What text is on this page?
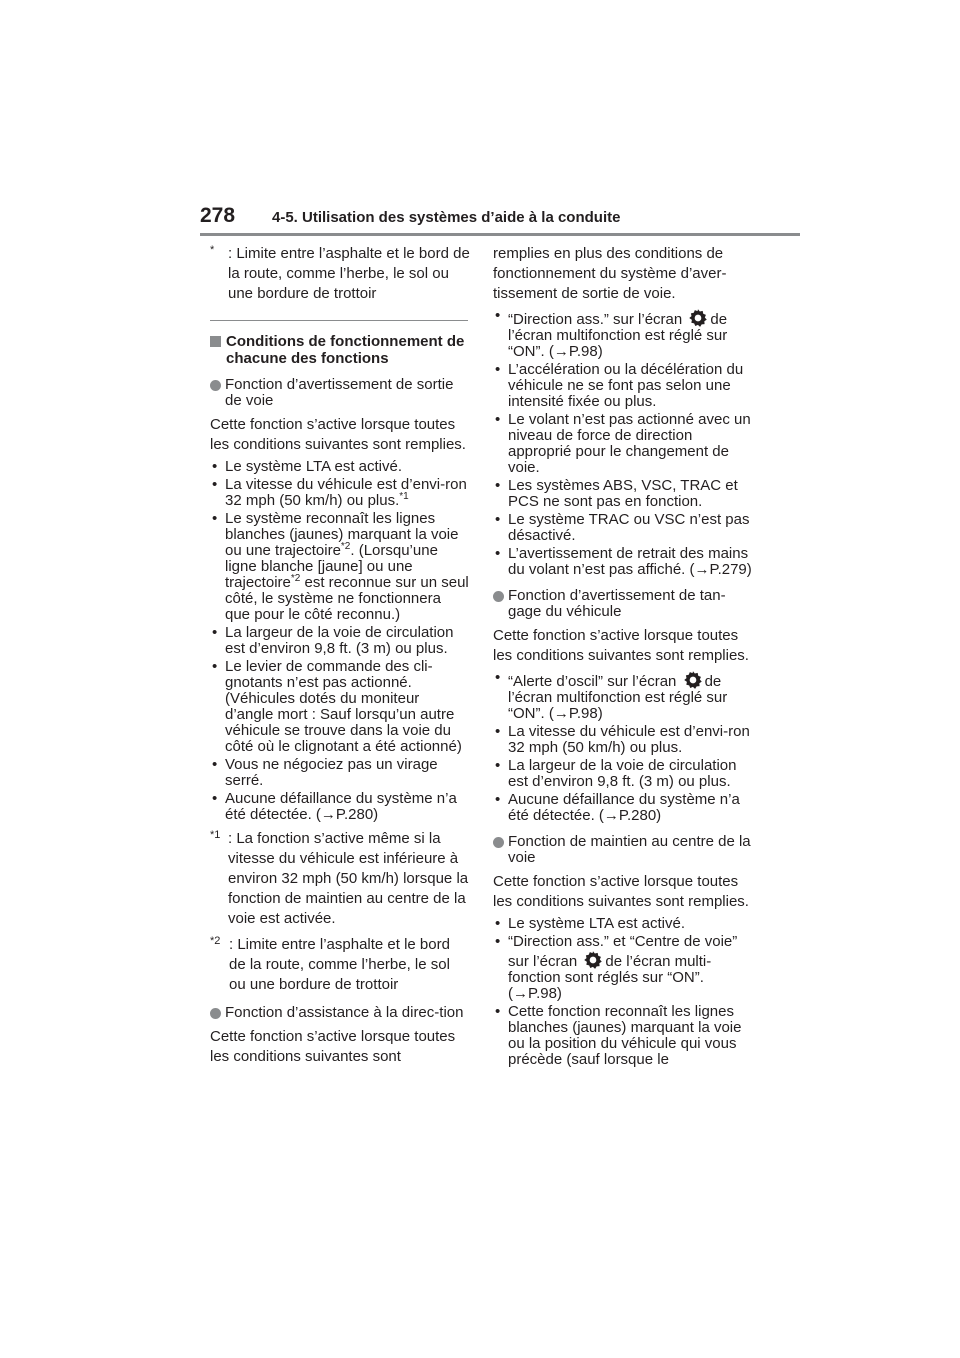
278 4-5. Utilisation des systèmes d’aide à la conduite
* : Limite entre l’asphalte et le bord de la route, comme l’herbe, le sol ou une bordure de trottoir
Conditions de fonctionnement de chacune des fonctions
Fonction d’avertissement de sortie de voie

Cette fonction s’active lorsque toutes les conditions suivantes sont remplies.

• Le système LTA est activé.
• La vitesse du véhicule est d’envi-ron 32 mph (50 km/h) ou plus.$^{*1}$
• Le système reconnaît les lignes blanches (jaunes) marquant la voie ou une trajectoire$^{*2}$. (Lorsqu’une ligne blanche [jaune] ou une trajectoire$^{*2}$ est reconnue sur un seul côté, le système ne fonctionnera que pour le côté reconnu.)
• La largeur de la voie de circulation est d’environ 9,8 ft. (3 m) ou plus.
• Le levier de commande des cli-gnotants n’est pas actionné. (Véhicules dotés du moniteur d’angle mort : Sauf lorsqu’un autre véhicule se trouve dans la voie du côté où le clignotant a été actionné)
• Vous ne négociez pas un virage serré.
• Aucune défaillance du système n’a été détectée. (→P.280)
*1 : La fonction s’active même si la vitesse du véhicule est inférieure à environ 32 mph (50 km/h) lorsque la fonction de maintien au centre de la voie est activée.
*2 : Limite entre l’asphalte et le bord de la route, comme l’herbe, le sol ou une bordure de trottoir
Fonction d’assistance à la direc-tion

Cette fonction s’active lorsque toutes les conditions suivantes sont

remplies en plus des conditions de fonctionnement du système d’aver-tissement de sortie de voie.

• “Direction ass.” sur l’écran de l’écran multifonction est réglé sur “ON”. (→P.98)
• L’accélération ou la décélération du véhicule ne se font pas selon une intensité fixée ou plus.
• Le volant n’est pas actionné avec un niveau de force de direction approprié pour le changement de voie.
• Les systèmes ABS, VSC, TRAC et PCS ne sont pas en fonction.
• Le système TRAC ou VSC n’est pas désactivé.
• L’avertissement de retrait des mains du volant n’est pas affiché. (→P.279)
Fonction d’avertissement de tan-gage du véhicule

Cette fonction s’active lorsque toutes les conditions suivantes sont remplies.

• “Alerte d’oscil” sur l’écran de l’écran multifonction est réglé sur “ON”. (→P.98)
• La vitesse du véhicule est d’envi-ron 32 mph (50 km/h) ou plus.
• La largeur de la voie de circulation est d’environ 9,8 ft. (3 m) ou plus.
• Aucune défaillance du système n’a été détectée. (→P.280)
Fonction de maintien au centre de la voie

Cette fonction s’active lorsque toutes les conditions suivantes sont remplies.

• Le système LTA est activé.
• “Direction ass.” et “Centre de voie” sur l’écran de l’écran multi-fonction sont réglés sur “ON”. (→P.98)
• Cette fonction reconnaît les lignes blanches (jaunes) marquant la voie ou la position du véhicule qui vous précède (sauf lorsque le
